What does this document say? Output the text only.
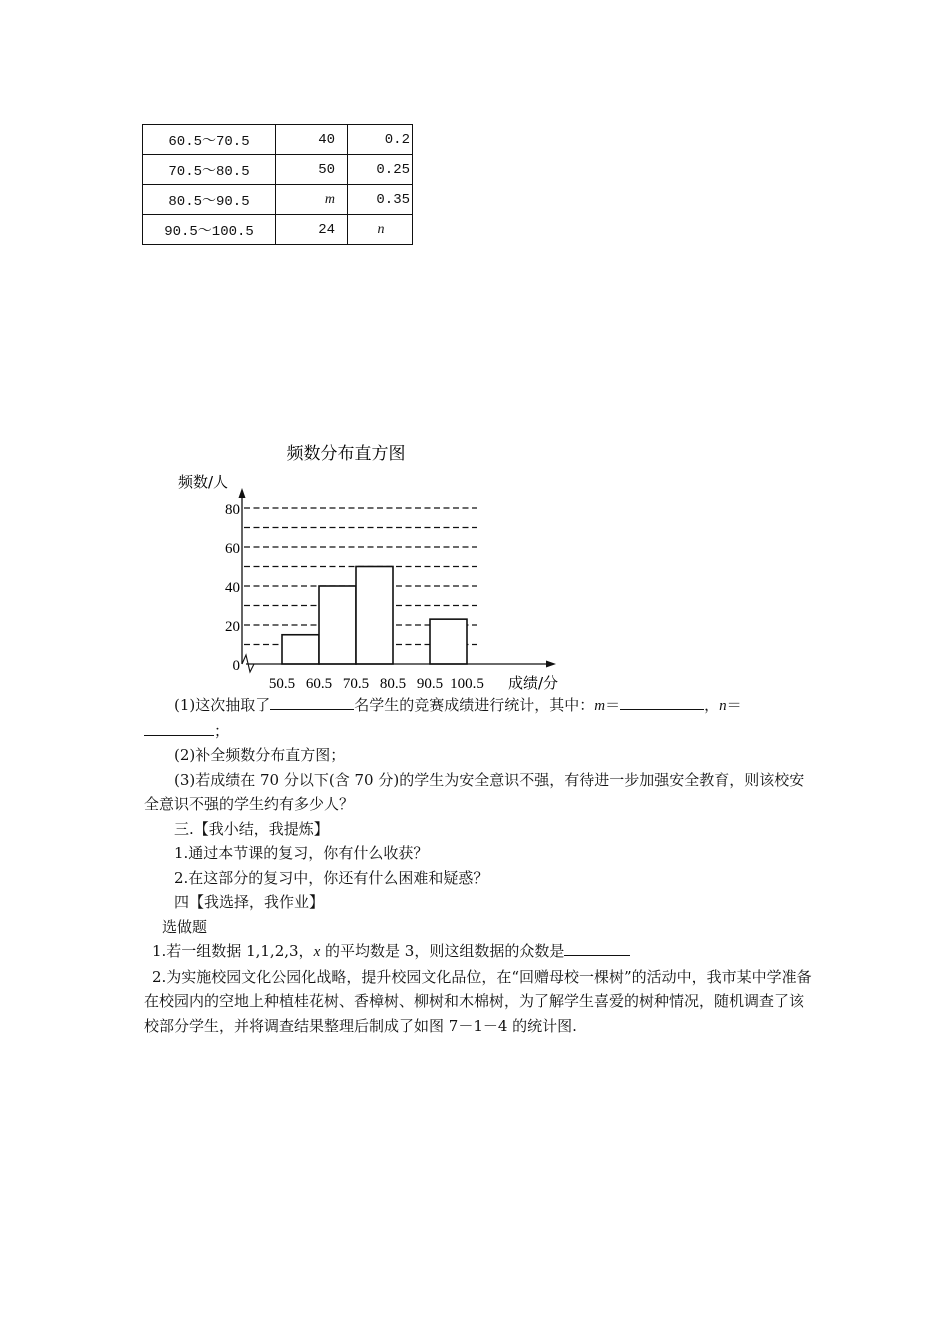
60.5～70.5	40	0.2
70.5～80.5	50	0.25
80.5～90.5	m	0.35
90.5～100.5	24	n
80
60
40
20
0
50.5 60.5 70.5 80.5 90.5 100.5
频数分布直方图
频数/人
成绩/分

(1)这次抽取了	名学生的竞赛成绩进行统计，其中：m＝	，n＝

；

(2)补全频数分布直方图；

(3)若成绩在 70 分以下(含 70 分)的学生为安全意识不强，有待进一步加强安全教育，则该校安全意识不强的学生约有多少人？

三.【我小结，我提炼】

1.通过本节课的复习，你有什么收获？

2.在这部分的复习中，你还有什么困难和疑惑？

四【我选择，我作业】

选做题

1.若一组数据 1,1,2,3，x 的平均数是 3，则这组数据的众数是

2.为实施校园文化公园化战略，提升校园文化品位，在“回赠母校一棵树”的活动中，我市某中学准备在校园内的空地上种植桂花树、香樟树、柳树和木棉树，为了解学生喜爱的树种情况，随机调查了该校部分学生，并将调查结果整理后制成了如图 7－1－4 的统计图.
